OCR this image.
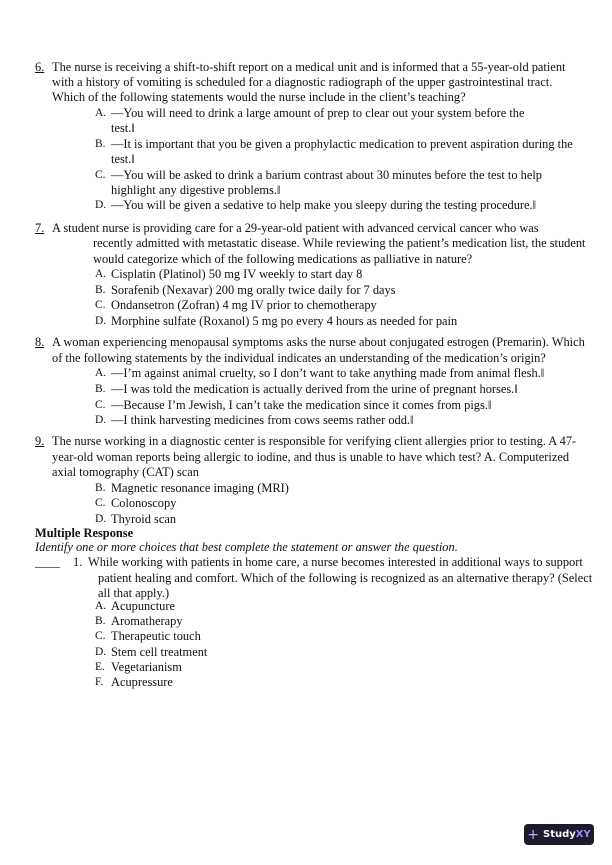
6. The nurse is receiving a shift-to-shift report on a medical unit and is informed that a 55-year-old patient
with a history of vomiting is scheduled for a diagnostic radiograph of the upper gastrointestinal tract.
Which of the following statements would the nurse include in the client’s teaching?
A. —You will need to drink a large amount of prep to clear out your system before the
test.‖
B. —It is important that you be given a prophylactic medication to prevent aspiration during the
test.‖
C. —You will be asked to drink a barium contrast about 30 minutes before the test to help
highlight any digestive problems.‖
D. —You will be given a sedative to help make you sleepy during the testing procedure.‖
7. A student nurse is providing care for a 29-year-old patient with advanced cervical cancer who was
recently admitted with metastatic disease. While reviewing the patient’s medication list, the student
would categorize which of the following medications as palliative in nature?
A. Cisplatin (Platinol) 50 mg IV weekly to start day 8
B. Sorafenib (Nexavar) 200 mg orally twice daily for 7 days
C. Ondansetron (Zofran) 4 mg IV prior to chemotherapy
D. Morphine sulfate (Roxanol) 5 mg po every 4 hours as needed for pain
8. A woman experiencing menopausal symptoms asks the nurse about conjugated estrogen (Premarin). Which
of the following statements by the individual indicates an understanding of the medication’s origin?
A. —I’m against animal cruelty, so I don’t want to take anything made from animal flesh.‖
B. —I was told the medication is actually derived from the urine of pregnant horses.‖
C. —Because I’m Jewish, I can’t take the medication since it comes from pigs.‖
D. —I think harvesting medicines from cows seems rather odd.‖
9. The nurse working in a diagnostic center is responsible for verifying client allergies prior to testing. A 47-
year-old woman reports being allergic to iodine, and thus is unable to have which test? A. Computerized
axial tomography (CAT) scan
B. Magnetic resonance imaging (MRI)
C. Colonoscopy
D. Thyroid scan
Multiple Response
Identify one or more choices that best complete the statement or answer the question.
____ 1. While working with patients in home care, a nurse becomes interested in additional ways to support
patient healing and comfort. Which of the following is recognized as an alternative therapy? (Select
all that apply.)
A. Acupuncture
B. Aromatherapy
C. Therapeutic touch
D. Stem cell treatment
E. Vegetarianism
F. Acupressure
+ StudyXY
